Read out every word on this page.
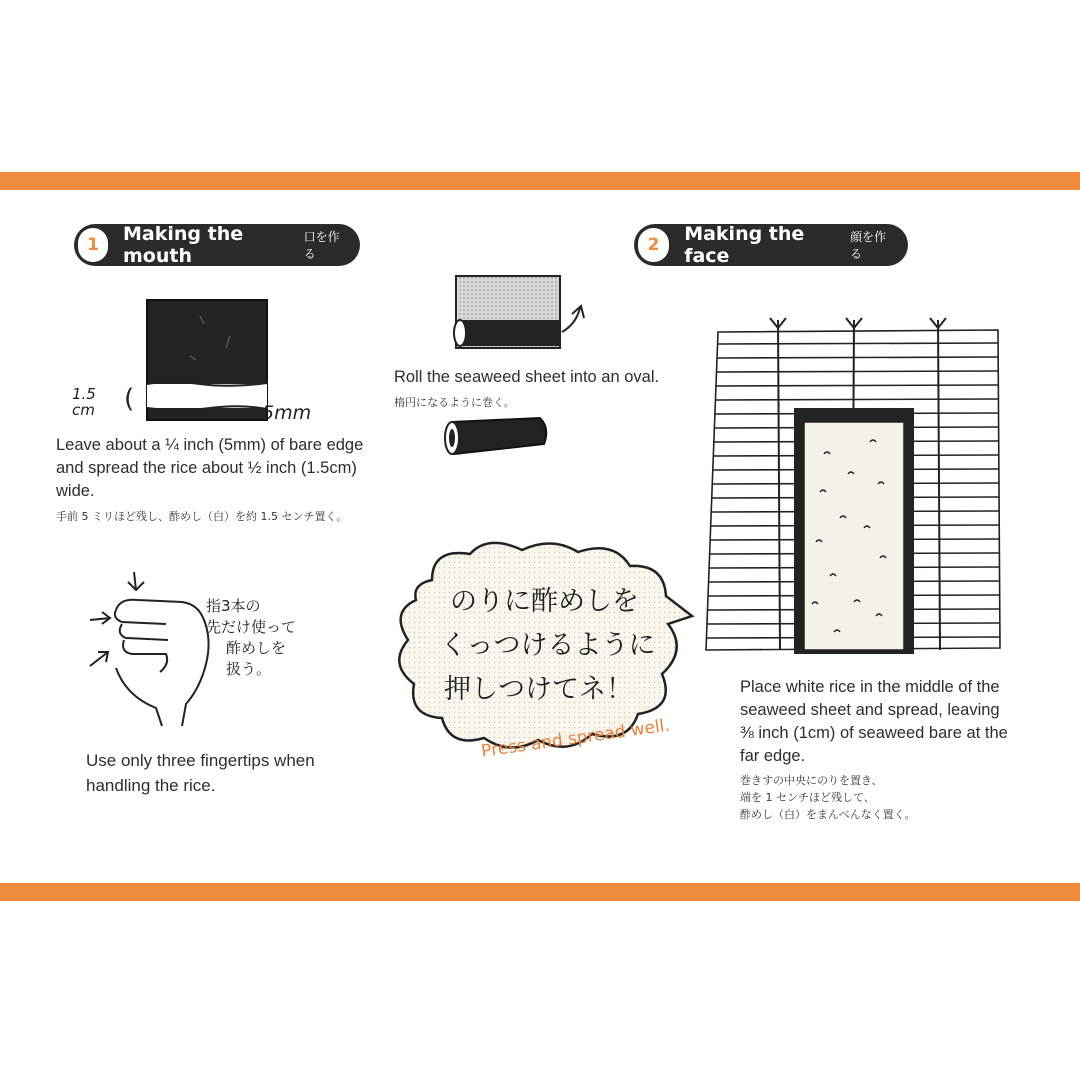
1	Making the mouth
口を作る	2	Making the face
顔を作る
1.5 cm	(	5mm
Leave about a ¼ inch (5mm) of bare edge and spread the rice about ½ inch (1.5cm) wide.
手前 5 ミリほど残し、酢めし（白）を約 1.5 センチ置く。
指3本の
先だけ使って
酢めしを
扱う。
Use only three fingertips when handling the rice.
Roll the seaweed sheet into an oval.
楕円になるように巻く。
のりに酢めしを
くっつけるように
押しつけてネ！
Press and spread well.
Place white rice in the middle of the seaweed sheet and spread, leaving ⅜ inch (1cm) of seaweed bare at the far edge.
巻きすの中央にのりを置き、
端を 1 センチほど残して、
酢めし（白）をまんべんなく置く。
